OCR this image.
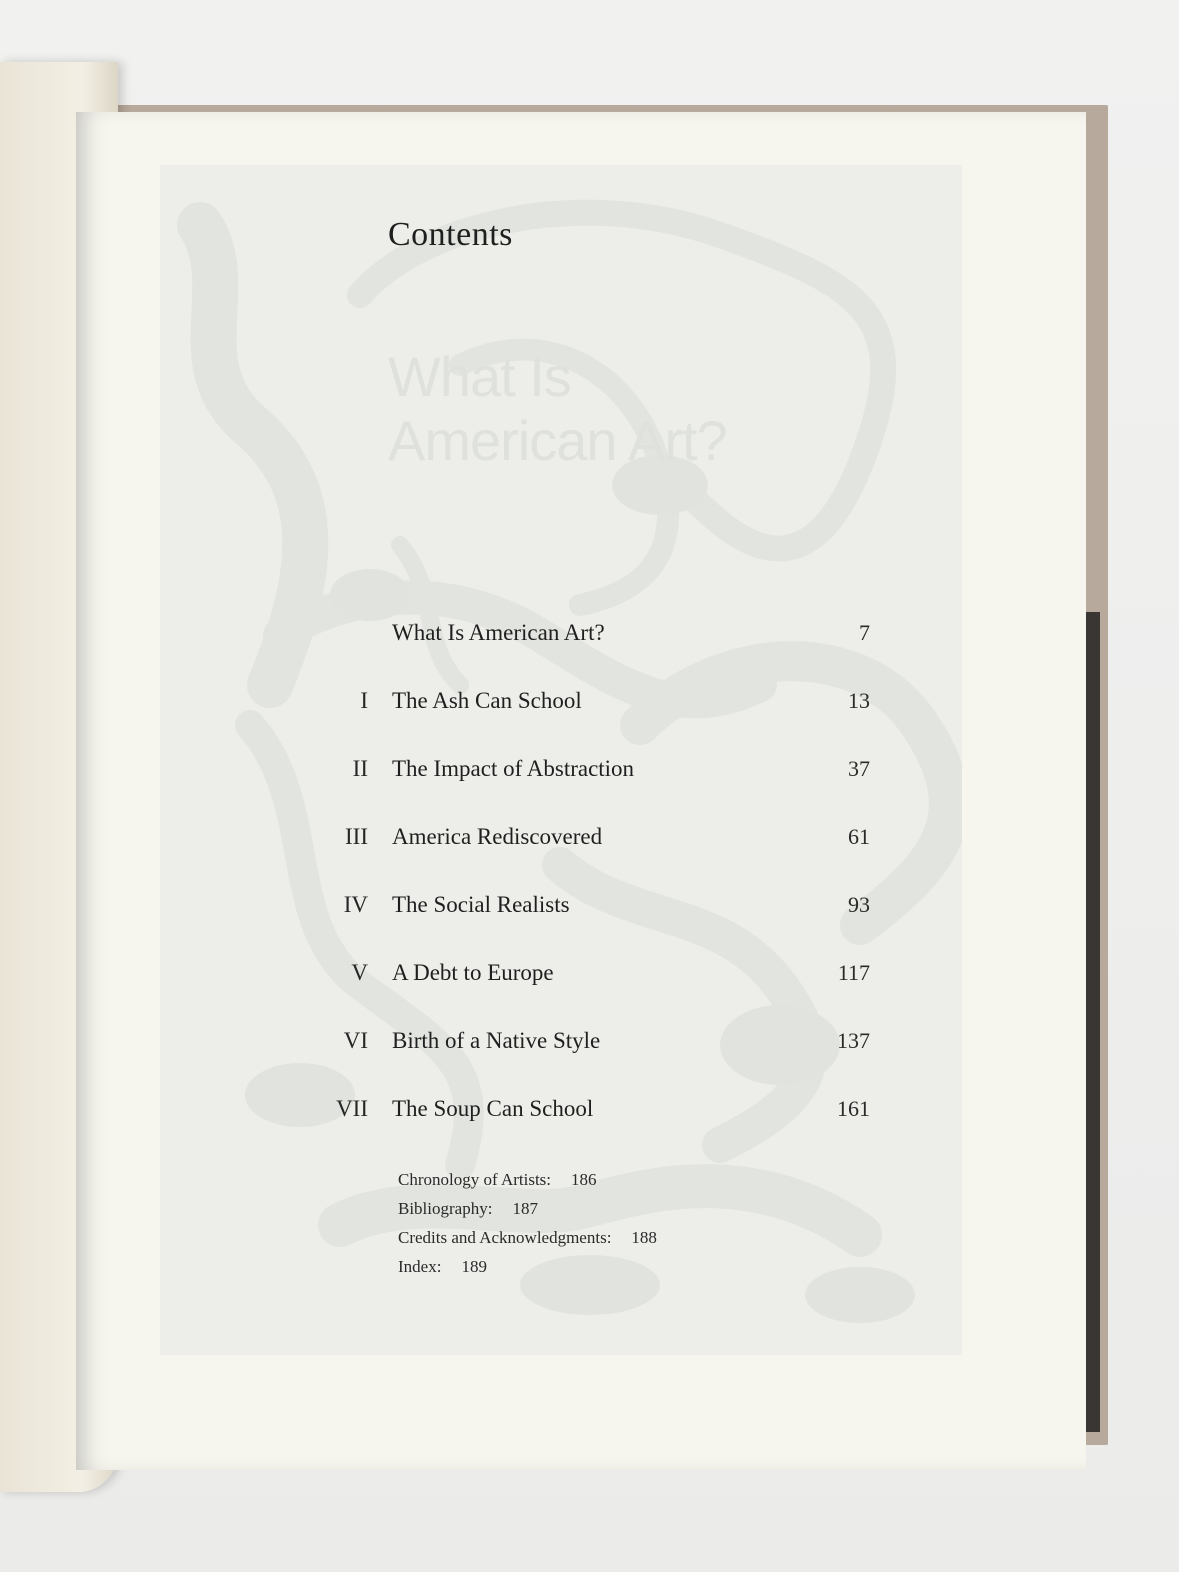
What Is
American Art?
Contents
What Is American Art?	7
I The Ash Can School	13
II The Impact of Abstraction	37
III America Rediscovered	61
IV The Social Realists	93
V A Debt to Europe	117
VI Birth of a Native Style	137
VII The Soup Can School	161
Chronology of Artists: 186
Bibliography: 187
Credits and Acknowledgments: 188
Index: 189
